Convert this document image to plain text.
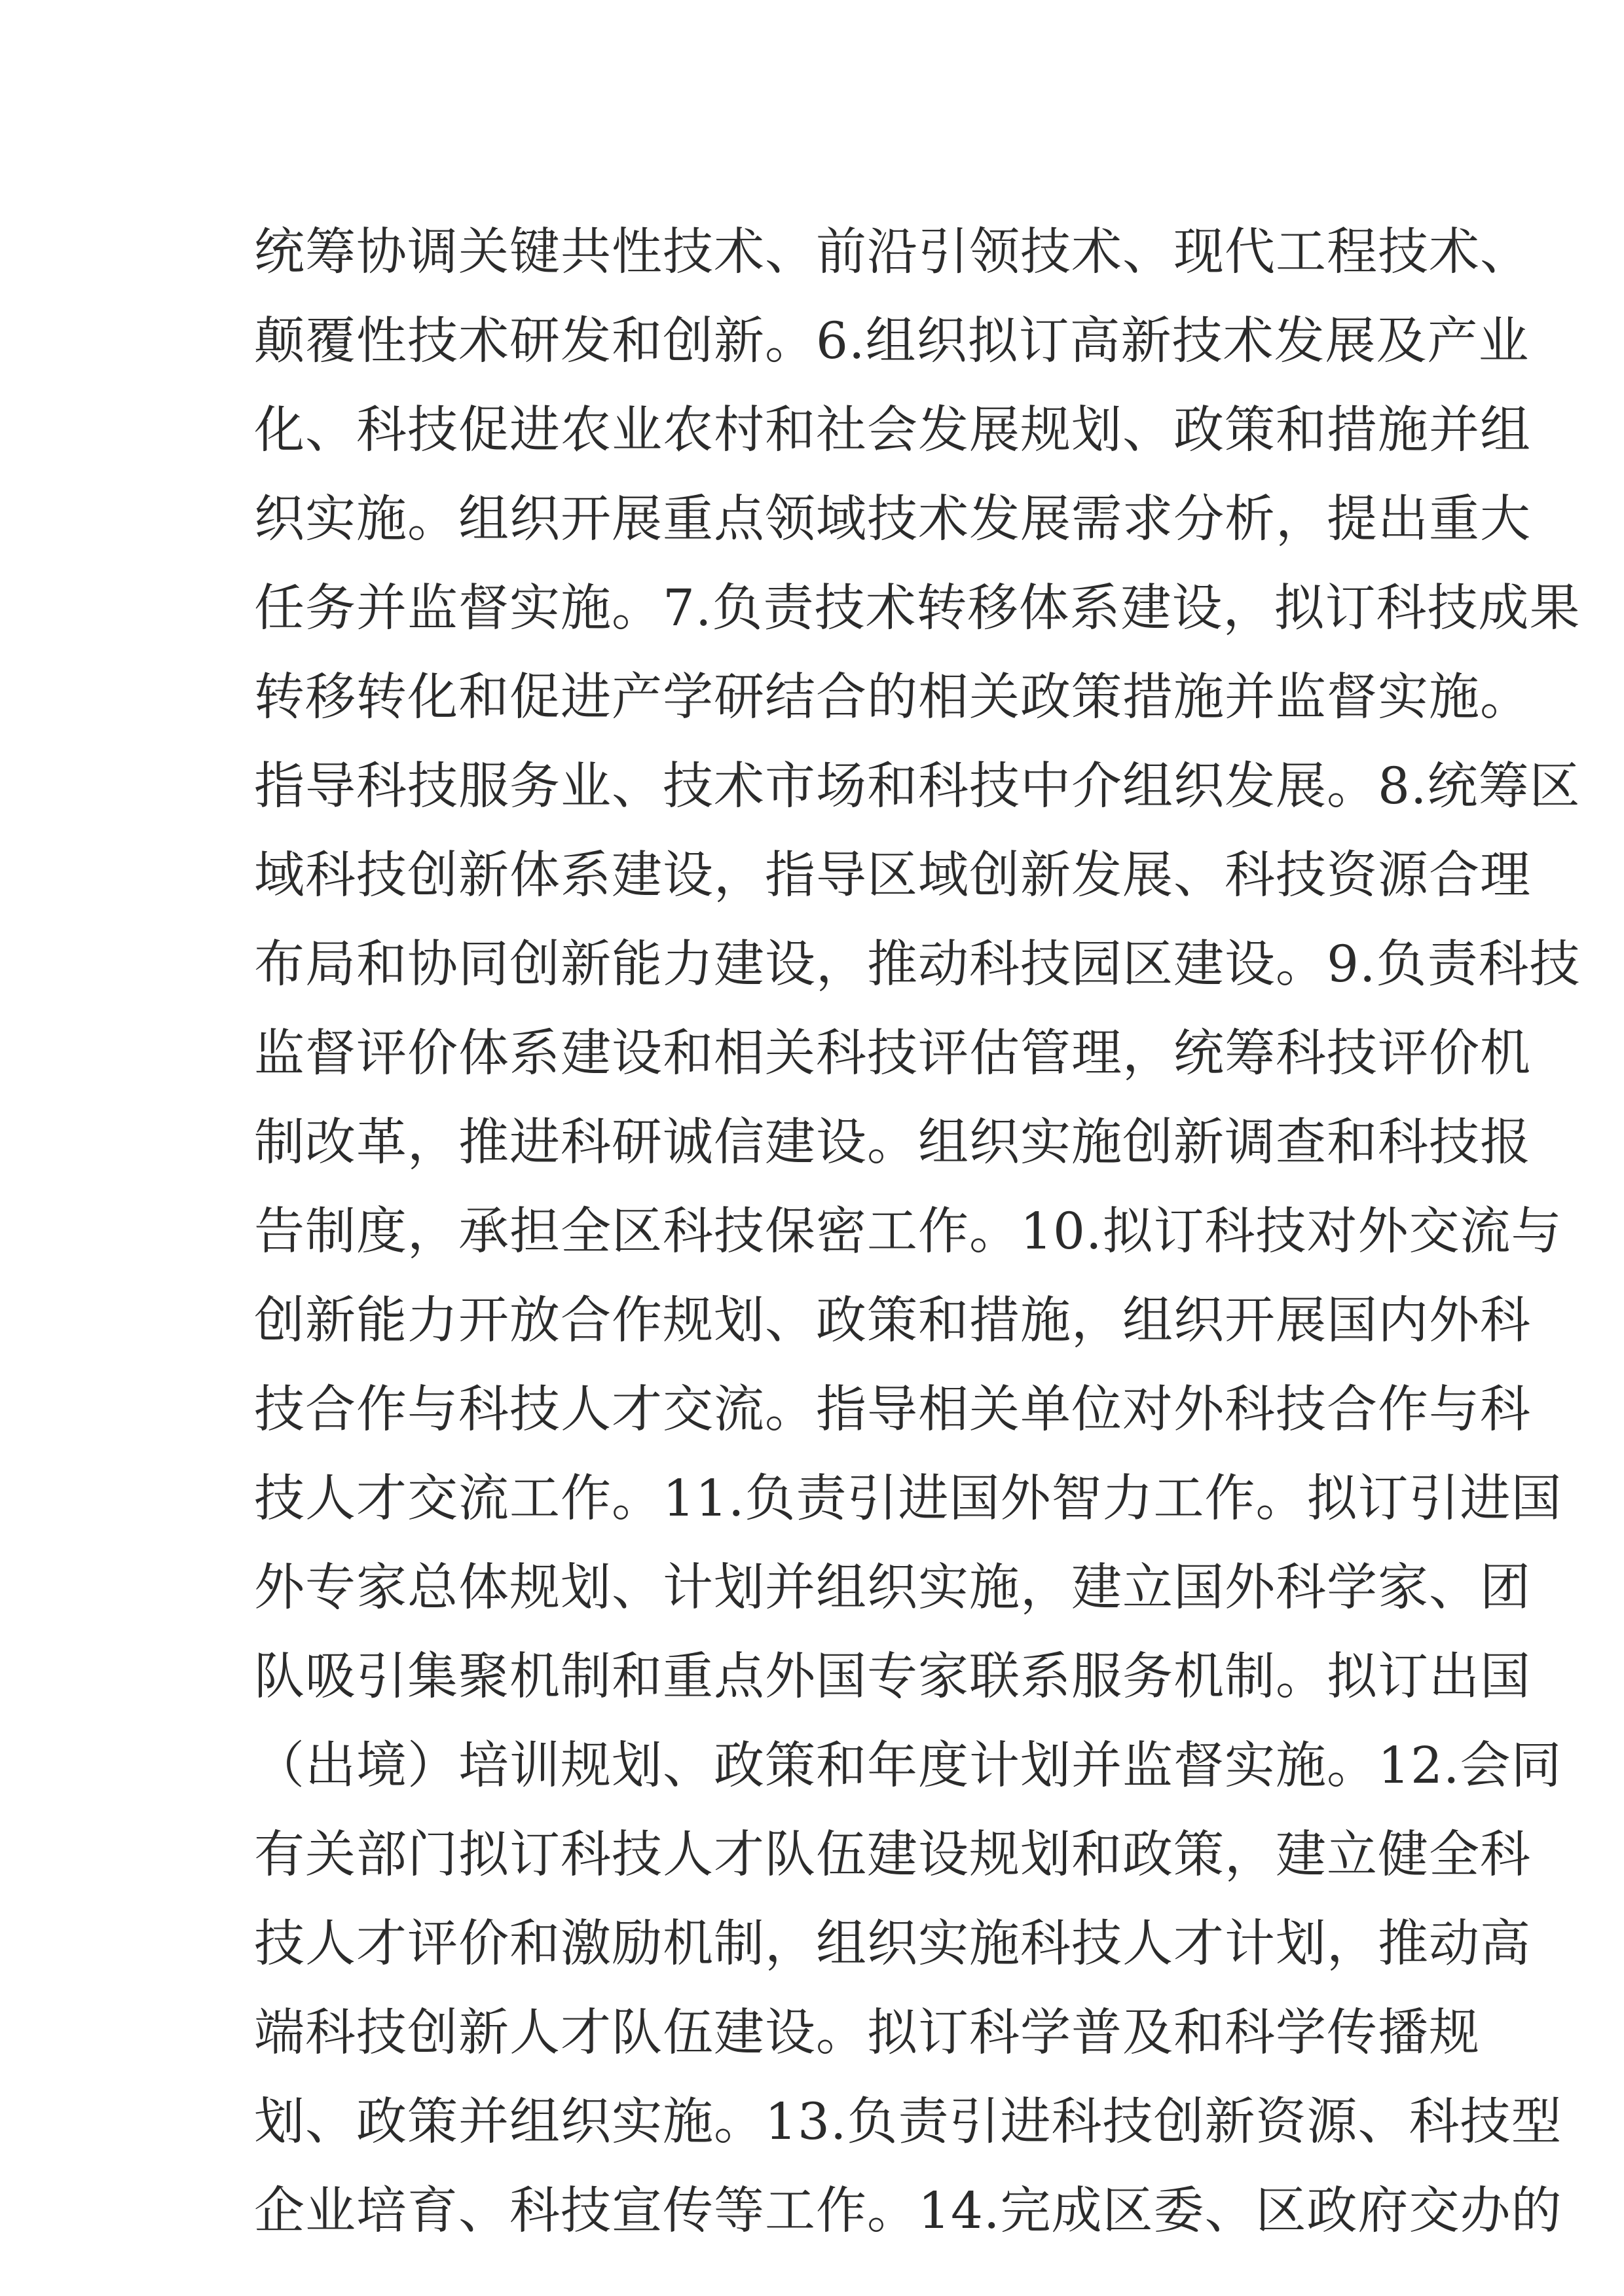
统筹协调关键共性技术、前沿引领技术、现代工程技术、
颠覆性技术研发和创新。6.组织拟订高新技术发展及产业
化、科技促进农业农村和社会发展规划、政策和措施并组
织实施。组织开展重点领域技术发展需求分析，提出重大
任务并监督实施。7.负责技术转移体系建设，拟订科技成果
转移转化和促进产学研结合的相关政策措施并监督实施。
指导科技服务业、技术市场和科技中介组织发展。8.统筹区
域科技创新体系建设，指导区域创新发展、科技资源合理
布局和协同创新能力建设，推动科技园区建设。9.负责科技
监督评价体系建设和相关科技评估管理，统筹科技评价机
制改革，推进科研诚信建设。组织实施创新调查和科技报
告制度，承担全区科技保密工作。10.拟订科技对外交流与
创新能力开放合作规划、政策和措施，组织开展国内外科
技合作与科技人才交流。指导相关单位对外科技合作与科
技人才交流工作。11.负责引进国外智力工作。拟订引进国
外专家总体规划、计划并组织实施，建立国外科学家、团
队吸引集聚机制和重点外国专家联系服务机制。拟订出国
（出境）培训规划、政策和年度计划并监督实施。12.会同
有关部门拟订科技人才队伍建设规划和政策，建立健全科
技人才评价和激励机制，组织实施科技人才计划，推动高
端科技创新人才队伍建设。拟订科学普及和科学传播规
划、政策并组织实施。13.负责引进科技创新资源、科技型
企业培育、科技宣传等工作。14.完成区委、区政府交办的
